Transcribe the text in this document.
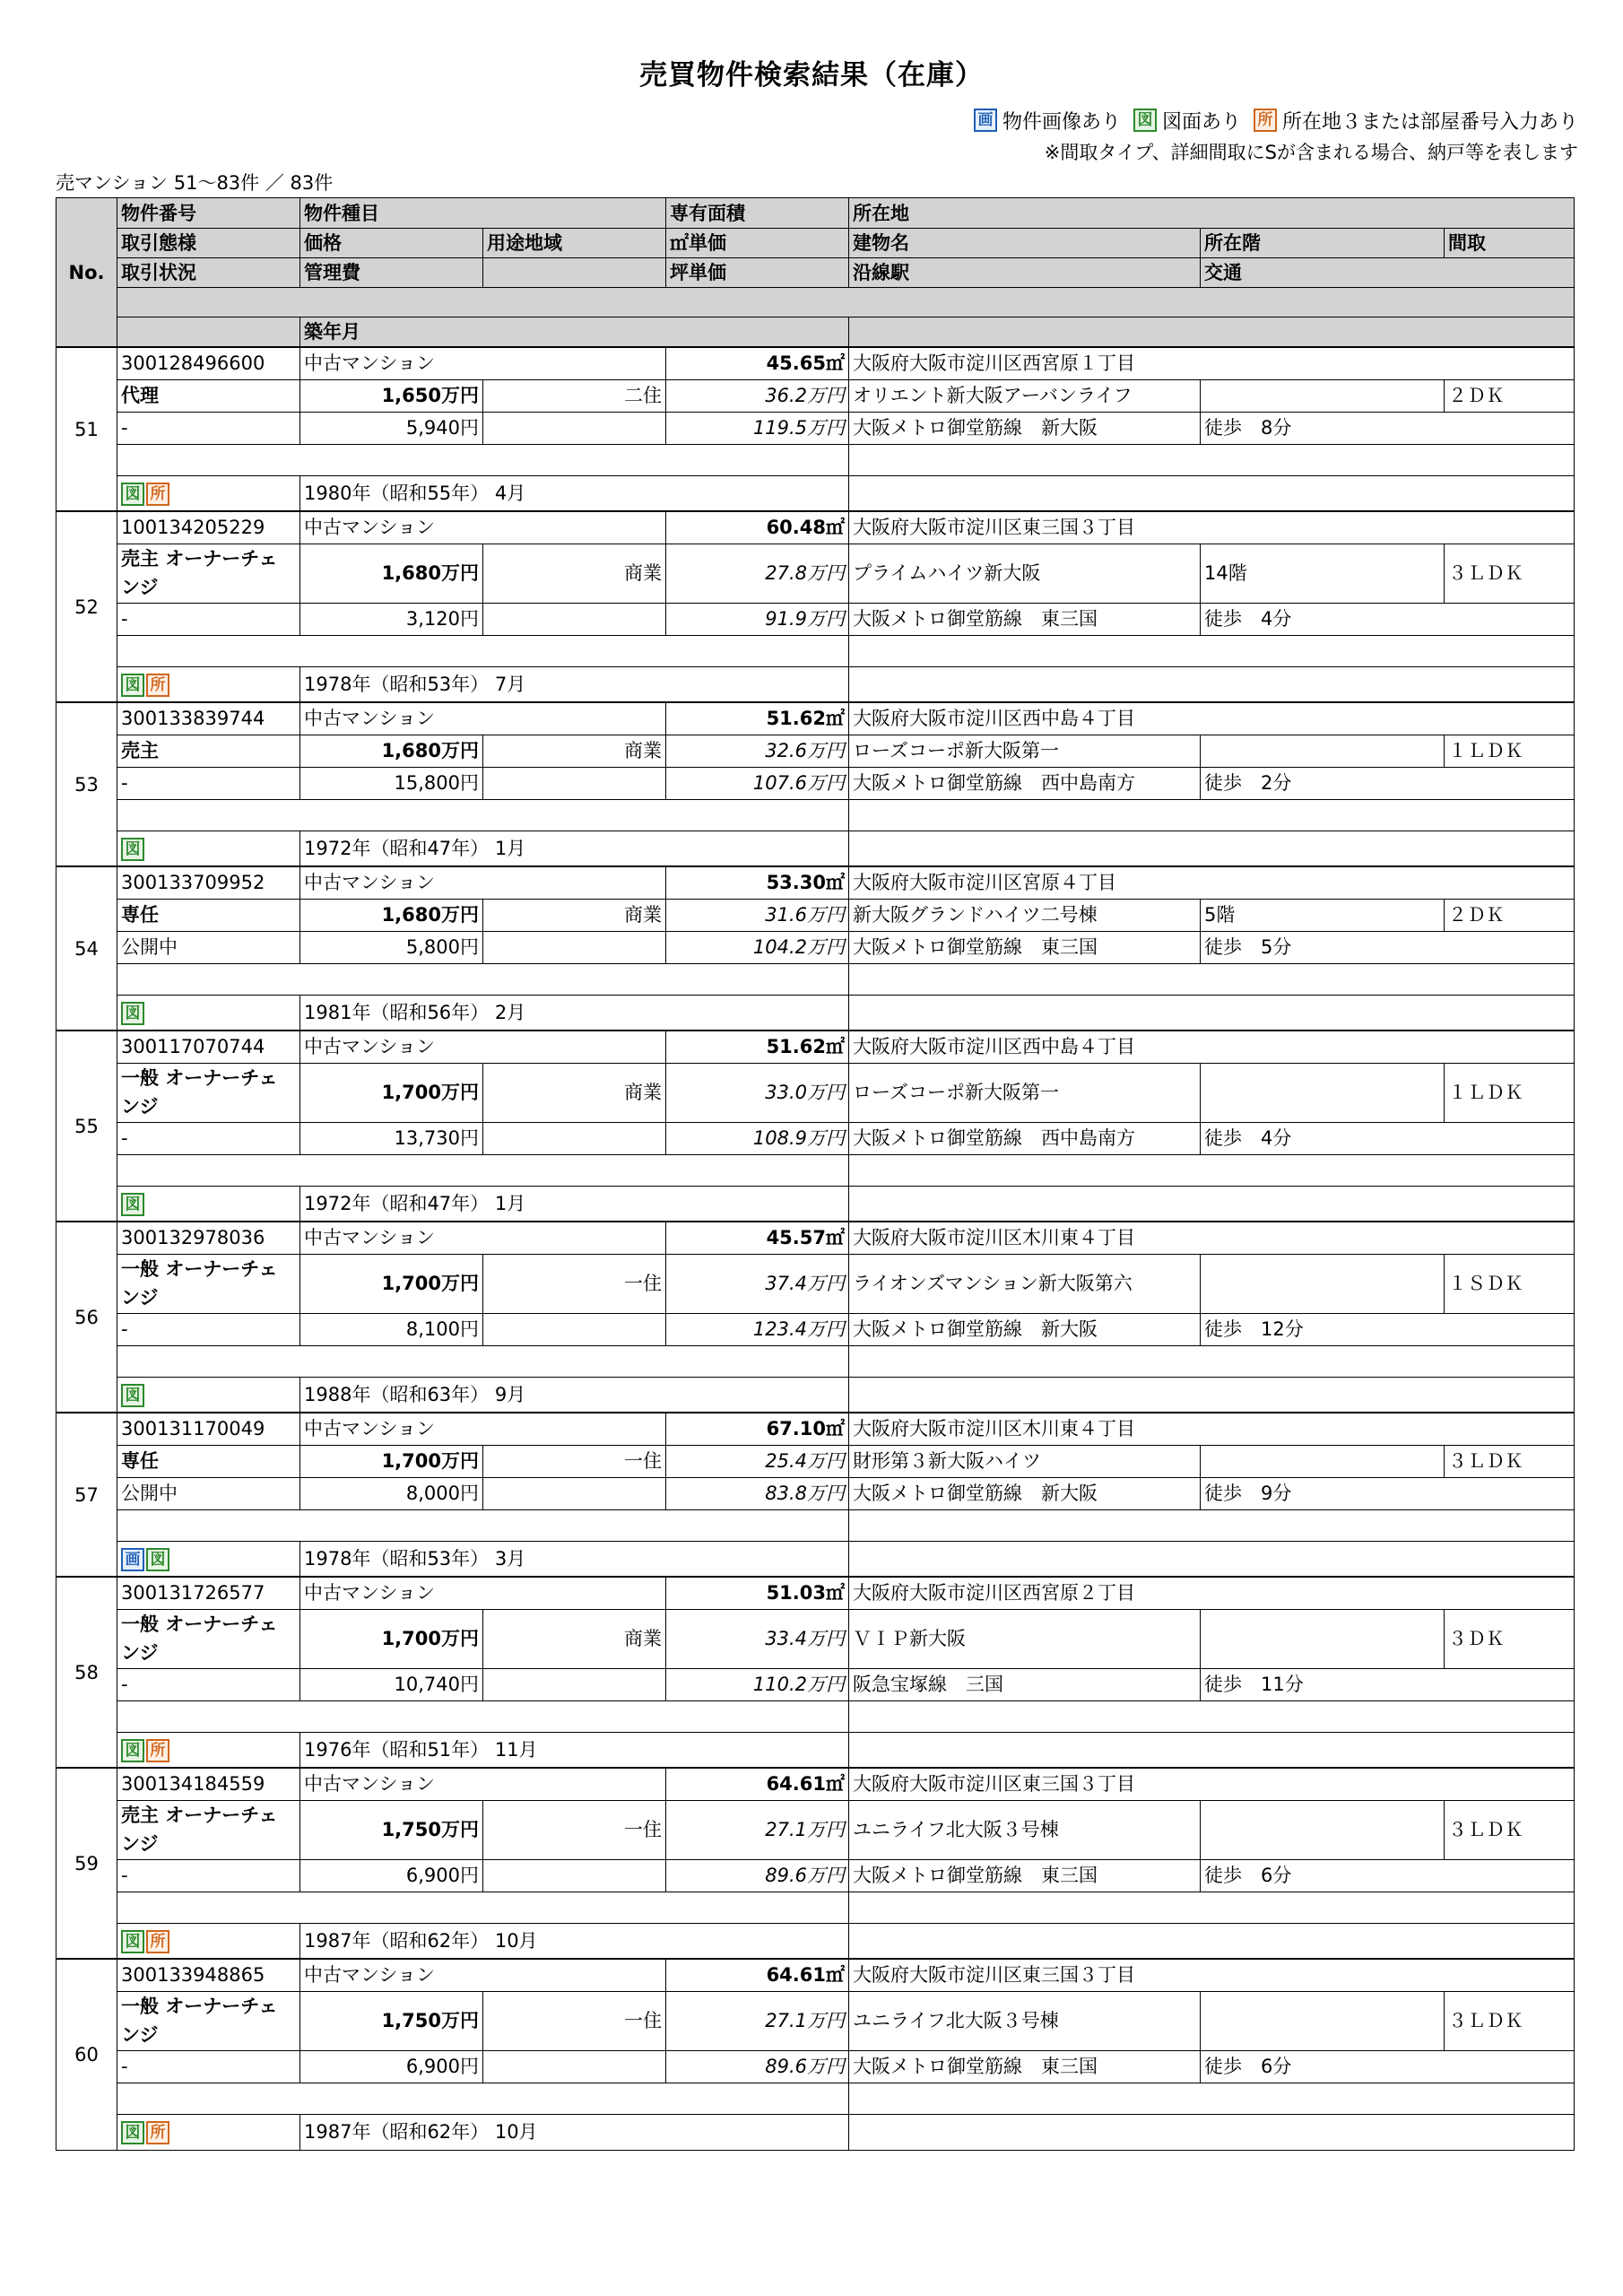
売買物件検索結果（在庫）
画 物件画像あり 図 図面あり 所 所在地３または部屋番号入力あり
※間取タイプ、詳細間取にSが含まれる場合、納戸等を表します
売マンション 51〜83件 ／ 83件
No.	物件番号	物件種目		専有面積	所在地		
	取引態様	価格	用途地域	㎡単価	建物名	所在階	間取
	取引状況	管理費		坪単価	沿線駅	交通	

		築年月					
51	300128496600	中古マンション		45.65㎡	大阪府大阪市淀川区西宮原１丁目		
	代理	1,650万円	二住	36.2万円	オリエント新大阪アーバンライフ		２ＤＫ
	-	5,940円		119.5万円	大阪メトロ御堂筋線　新大阪	徒歩　8分	

	図 所	1980年（昭和55年） 4月					
52	100134205229	中古マンション		60.48㎡	大阪府大阪市淀川区東三国３丁目		
	売主 オーナーチェンジ	1,680万円	商業	27.8万円	プライムハイツ新大阪	14階	３ＬＤＫ
	-	3,120円		91.9万円	大阪メトロ御堂筋線　東三国	徒歩　4分	

	図 所	1978年（昭和53年） 7月					
53	300133839744	中古マンション		51.62㎡	大阪府大阪市淀川区西中島４丁目		
	売主	1,680万円	商業	32.6万円	ローズコーポ新大阪第一		１ＬＤＫ
	-	15,800円		107.6万円	大阪メトロ御堂筋線　西中島南方	徒歩　2分	

	図	1972年（昭和47年） 1月					
54	300133709952	中古マンション		53.30㎡	大阪府大阪市淀川区宮原４丁目		
	専任	1,680万円	商業	31.6万円	新大阪グランドハイツ二号棟	5階	２ＤＫ
	公開中	5,800円		104.2万円	大阪メトロ御堂筋線　東三国	徒歩　5分	

	図	1981年（昭和56年） 2月					
55	300117070744	中古マンション		51.62㎡	大阪府大阪市淀川区西中島４丁目		
	一般 オーナーチェンジ	1,700万円	商業	33.0万円	ローズコーポ新大阪第一		１ＬＤＫ
	-	13,730円		108.9万円	大阪メトロ御堂筋線　西中島南方	徒歩　4分	

	図	1972年（昭和47年） 1月					
56	300132978036	中古マンション		45.57㎡	大阪府大阪市淀川区木川東４丁目		
	一般 オーナーチェンジ	1,700万円	一住	37.4万円	ライオンズマンション新大阪第六		１ＳＤＫ
	-	8,100円		123.4万円	大阪メトロ御堂筋線　新大阪	徒歩　12分	

	図	1988年（昭和63年） 9月					
57	300131170049	中古マンション		67.10㎡	大阪府大阪市淀川区木川東４丁目		
	専任	1,700万円	一住	25.4万円	財形第３新大阪ハイツ		３ＬＤＫ
	公開中	8,000円		83.8万円	大阪メトロ御堂筋線　新大阪	徒歩　9分	

	画 図	1978年（昭和53年） 3月					
58	300131726577	中古マンション		51.03㎡	大阪府大阪市淀川区西宮原２丁目		
	一般 オーナーチェンジ	1,700万円	商業	33.4万円	ＶＩＰ新大阪		３ＤＫ
	-	10,740円		110.2万円	阪急宝塚線　三国	徒歩　11分	

	図 所	1976年（昭和51年） 11月					
59	300134184559	中古マンション		64.61㎡	大阪府大阪市淀川区東三国３丁目		
	売主 オーナーチェンジ	1,750万円	一住	27.1万円	ユニライフ北大阪３号棟		３ＬＤＫ
	-	6,900円		89.6万円	大阪メトロ御堂筋線　東三国	徒歩　6分	

	図 所	1987年（昭和62年） 10月					
60	300133948865	中古マンション		64.61㎡	大阪府大阪市淀川区東三国３丁目		
	一般 オーナーチェンジ	1,750万円	一住	27.1万円	ユニライフ北大阪３号棟		３ＬＤＫ
	-	6,900円		89.6万円	大阪メトロ御堂筋線　東三国	徒歩　6分	

	図 所	1987年（昭和62年） 10月					
